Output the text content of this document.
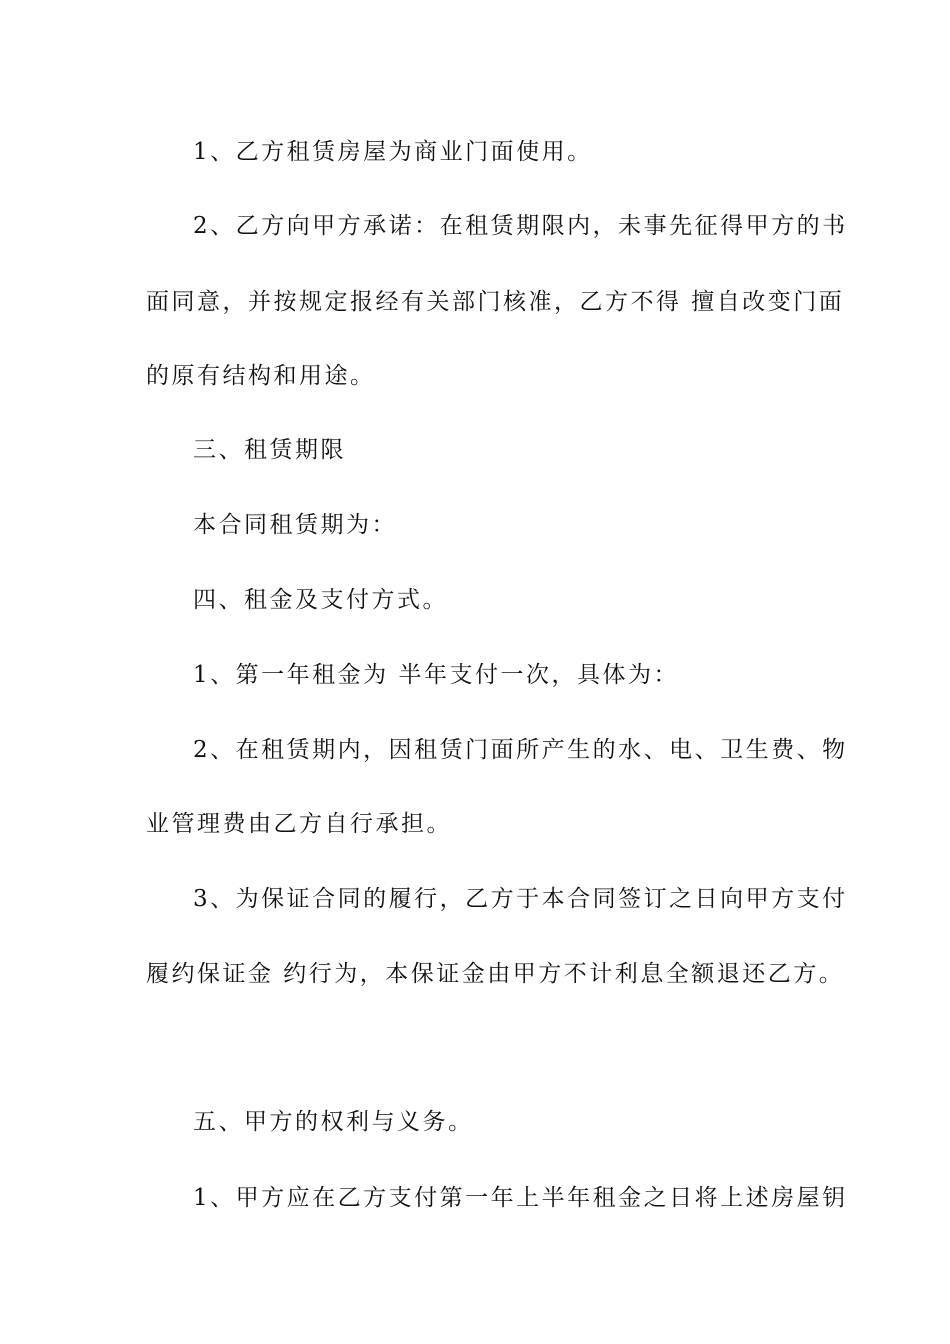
1、乙方租赁房屋为商业门面使用。
2、乙方向甲方承诺：在租赁期限内，未事先征得甲方的书
面同意，并按规定报经有关部门核准，乙方不得 擅自改变门面
的原有结构和用途。
三、租赁期限
本合同租赁期为：
四、租金及支付方式。
1、第一年租金为 半年支付一次，具体为：
2、在租赁期内，因租赁门面所产生的水、电、卫生费、物
业管理费由乙方自行承担。
3、为保证合同的履行，乙方于本合同签订之日向甲方支付
履约保证金 约行为，本保证金由甲方不计利息全额退还乙方。
五、甲方的权利与义务。
1、甲方应在乙方支付第一年上半年租金之日将上述房屋钥
